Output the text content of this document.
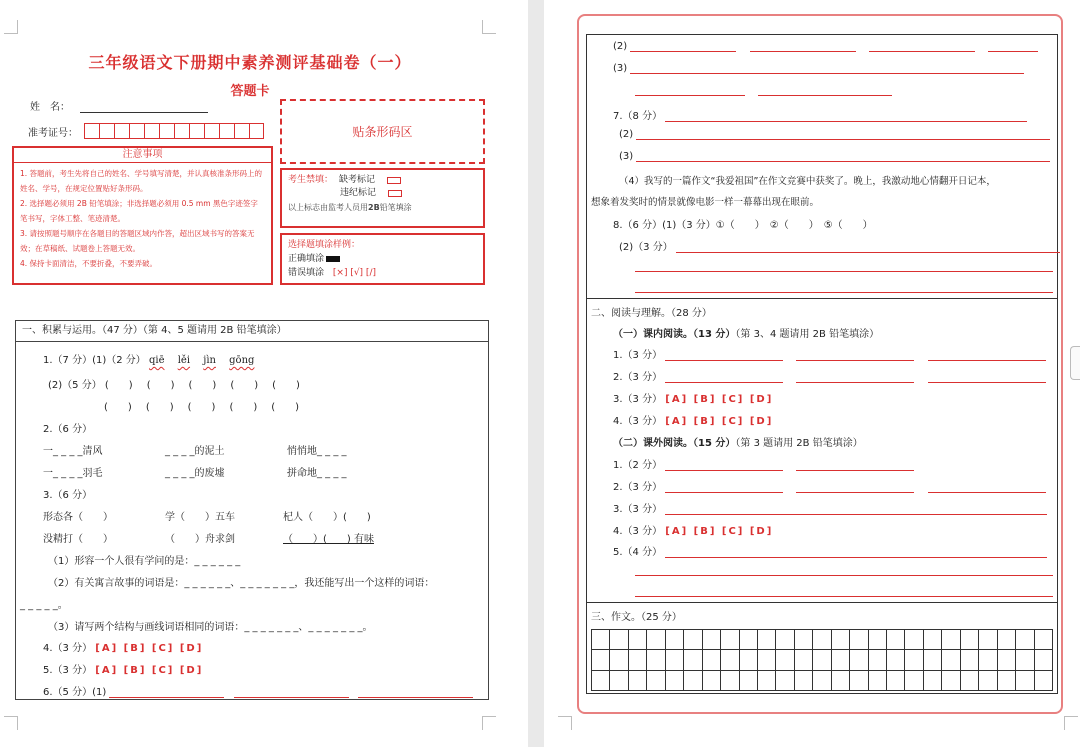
三年级语文下册期中素养测评基础卷（一）
答题卡
姓　名：
准考证号：	贴条形码区
注意事项
1. 答题前，考生先将自己的姓名、学号填写清楚，并认真核准条形码上的姓名、学号，在规定位置贴好条形码。
2. 选择题必须用 2B 铅笔填涂；非选择题必须用 0.5 mm 黑色字迹签字笔书写，字体工整、笔迹清楚。
3. 请按照题号顺序在各题目的答题区域内作答，超出区域书写的答案无效；在草稿纸、试题卷上答题无效。
4. 保持卡面清洁，不要折叠，不要弄破。
考生禁填： 缺考标记
违纪标记
以上标志由监考人员用2B铅笔填涂
选择题填涂样例：
正确填涂
错误填涂 [×] [√] [/]
一、积累与运用。（47 分）（第 4、5 题请用 2B 铅笔填涂）
1.（7 分）(1)（2 分） qiē lěi jìn gōng
(2)（5 分） (　　) (　　) (　　) (　　) (　　)
(　　) (　　) (　　) (　　) (　　)
2.（6 分）
一_ _ _ _清风	_ _ _ _的泥土	悄悄地_ _ _ _
一_ _ _ _羽毛	_ _ _ _的废墟	拼命地_ _ _ _
3.（6 分）
形态各（　　）	学（　　）五车	杞人（　　）(　　)
没精打（　　）	（　　）舟求剑	（　　）(　　) 有味
（1）形容一个人很有学问的是：_ _ _ _ _ _
（2）有关寓言故事的词语是：_ _ _ _ _ _、_ _ _ _ _ _ _，我还能写出一个这样的词语：
_ _ _ _ _。
（3）请写两个结构与画线词语相同的词语：_ _ _ _ _ _ _、_ _ _ _ _ _ _。
4.（3 分） [A] [B] [C] [D]
5.（3 分） [A] [B] [C] [D]
6.（5 分）(1)
(2)
(3)

7.（8 分）
(2)
(3)
（4）我写的一篇作文“我爱祖国”在作文竞赛中获奖了。晚上，我激动地心情翻开日记本，
想象着发奖时的情景就像电影一样一幕幕出现在眼前。
8.（6 分）(1)（3 分）①（　　）　②（　　）　⑤（　　）
(2)（3 分）
二、阅读与理解。（28 分）
（一）课内阅读。（13 分）（第 3、4 题请用 2B 铅笔填涂）
1.（3 分）
2.（3 分）
3.（3 分） [A] [B] [C] [D]
4.（3 分） [A] [B] [C] [D]
（二）课外阅读。（15 分）（第 3 题请用 2B 铅笔填涂）
1.（2 分）
2.（3 分）
3.（3 分）
4.（3 分） [A] [B] [C] [D]
5.（4 分）
三、作文。（25 分）
